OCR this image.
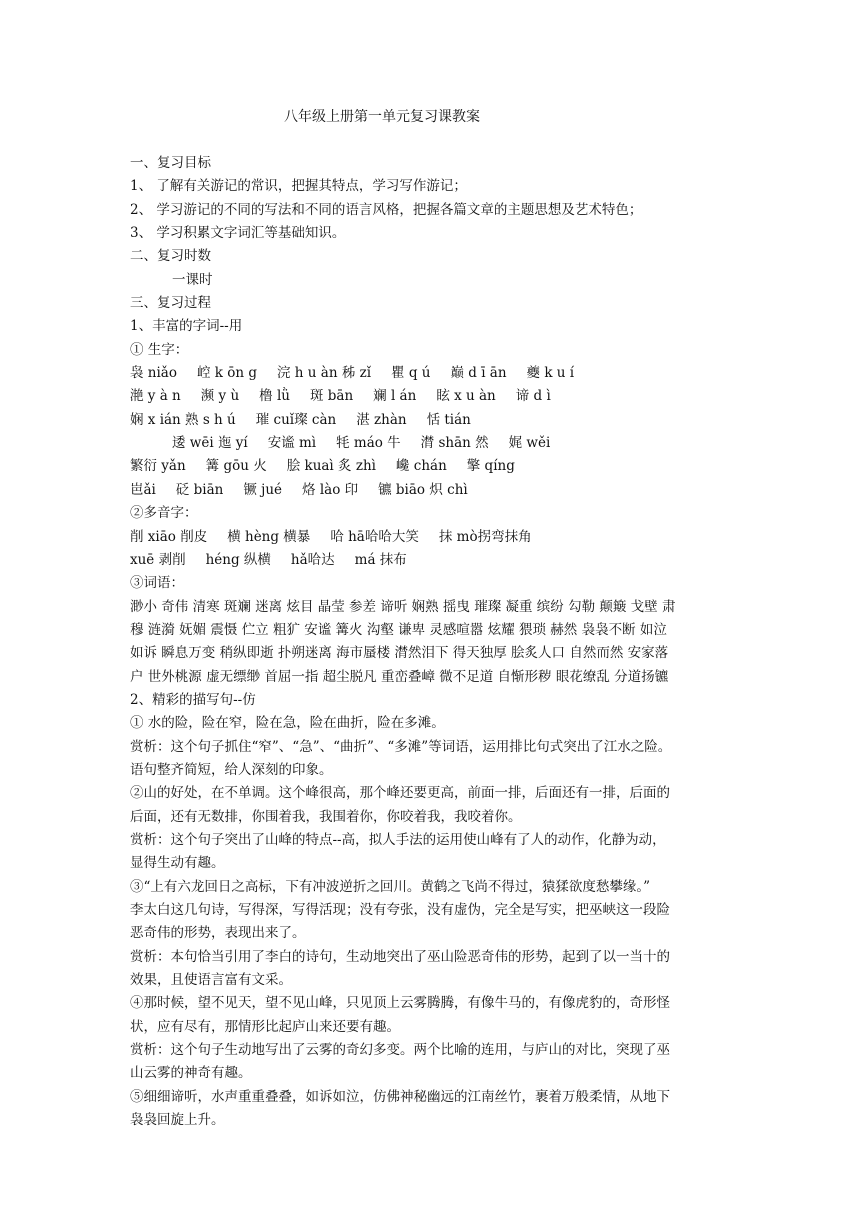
八年级上册第一单元复习课教案
一、复习目标
1、 了解有关游记的常识，把握其特点，学习写作游记；
2、 学习游记的不同的写法和不同的语言风格，把握各篇文章的主题思想及艺术特色；
3、 学习积累文字词汇等基础知识。
二、复习时数
一课时
三、复习过程
1、丰富的字词--用
① 生字：
袅 niǎo 崆 k ōn g 浣 h u àn 秭 zǐ 瞿 q ú 巅 d ī ān 夔 k u í
滟 y à n 濒 y ù 橹 lǜ 斑 bān 斓 l án 眩 x u àn 谛 d ì
娴 x ián 熟 s h ú 璀 cuǐ璨 càn 湛 zhàn 恬 tián
逶 wēi 迤 yí 安谧 mì 牦 máo 牛 潸 shān 然 娓 wěi
繁衍 yǎn 篝 gōu 火 脍 kuaì 炙 zhì 巉 chán 擎 qíng
岜ǎi 砭 biān 镢 jué 烙 lào 印 镳 biāo 炽 chì
②多音字：
削 xiāo 削皮 横 hèng 横暴 哈 hā哈哈大笑 抹 mò拐弯抹角
xuē 剥削 héng 纵横 hǎ哈达 má 抹布
③词语：
渺小 奇伟 清寒 斑斓 迷离 炫目 晶莹 参差 谛听 娴熟 摇曳 璀璨 凝重 缤纷 勾勒 颠簸 戈壁 肃
穆 涟漪 妩媚 震慑 伫立 粗犷 安谧 篝火 沟壑 谦卑 灵感喧嚣 炫耀 猥琐 赫然 袅袅不断 如泣
如诉 瞬息万变 稍纵即逝 扑朔迷离 海市蜃楼 潸然泪下 得天独厚 脍炙人口 自然而然 安家落
户 世外桃源 虚无缥缈 首屈一指 超尘脱凡 重峦叠嶂 微不足道 自惭形秽 眼花缭乱 分道扬镳
2、精彩的描写句--仿
① 水的险，险在窄，险在急，险在曲折，险在多滩。
赏析：这个句子抓住“窄”、“急”、“曲折”、“多滩”等词语，运用排比句式突出了江水之险。
语句整齐简短，给人深刻的印象。
②山的好处，在不单调。这个峰很高，那个峰还要更高，前面一排，后面还有一排，后面的
后面，还有无数排，你围着我，我围着你，你咬着我，我咬着你。
赏析：这个句子突出了山峰的特点--高，拟人手法的运用使山峰有了人的动作，化静为动，
显得生动有趣。
③“上有六龙回日之高标，下有冲波逆折之回川。黄鹤之飞尚不得过，猿猱欲度愁攀缘。”
李太白这几句诗，写得深，写得活现；没有夸张，没有虚伪，完全是写实，把巫峡这一段险
恶奇伟的形势，表现出来了。
赏析：本句恰当引用了李白的诗句，生动地突出了巫山险恶奇伟的形势，起到了以一当十的
效果，且使语言富有文采。
④那时候，望不见天，望不见山峰，只见顶上云雾腾腾，有像牛马的，有像虎豹的，奇形怪
状，应有尽有，那情形比起庐山来还要有趣。
赏析：这个句子生动地写出了云雾的奇幻多变。两个比喻的连用，与庐山的对比，突现了巫
山云雾的神奇有趣。
⑤细细谛听，水声重重叠叠，如诉如泣，仿佛神秘幽远的江南丝竹，裹着万般柔情，从地下
袅袅回旋上升。
